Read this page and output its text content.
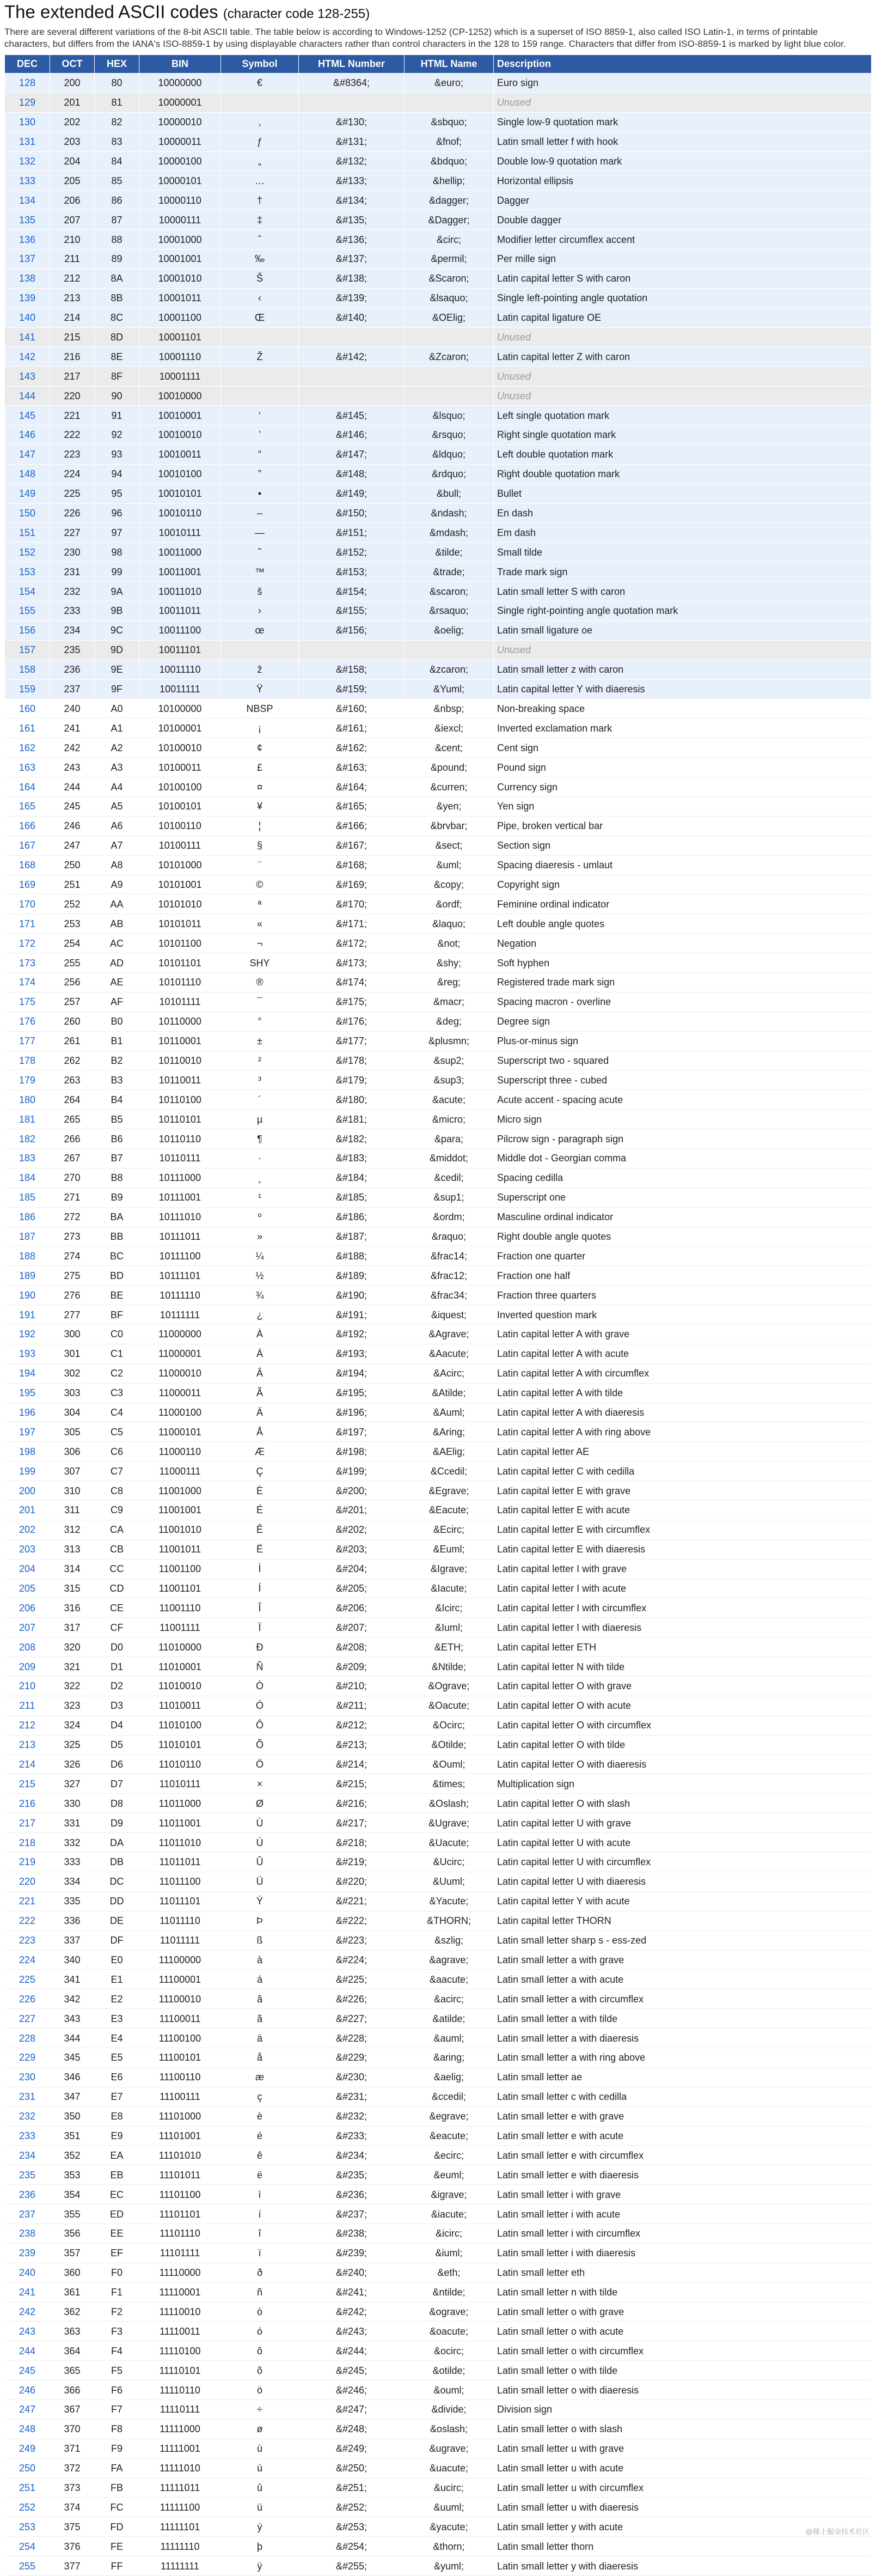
The extended ASCII codes (character code 128-255)

There are several different variations of the 8-bit ASCII table. The table below is according to Windows-1252 (CP-1252) which is a superset of ISO 8859-1, also called ISO Latin-1, in terms of printable characters, but differs from the IANA's ISO-8859-1 by using displayable characters rather than control characters in the 128 to 159 range. Characters that differ from ISO-8859-1 is marked by light blue color.

DEC	OCT	HEX	BIN	Symbol	HTML Number	HTML Name	Description
128	200	80	10000000	€	&#8364;	&euro;	Euro sign
129	201	81	10000001				Unused
130	202	82	10000010	‚	&#130;	&sbquo;	Single low-9 quotation mark
131	203	83	10000011	ƒ	&#131;	&fnof;	Latin small letter f with hook
132	204	84	10000100	„	&#132;	&bdquo;	Double low-9 quotation mark
133	205	85	10000101	…	&#133;	&hellip;	Horizontal ellipsis
134	206	86	10000110	†	&#134;	&dagger;	Dagger
135	207	87	10000111	‡	&#135;	&Dagger;	Double dagger
136	210	88	10001000	ˆ	&#136;	&circ;	Modifier letter circumflex accent
137	211	89	10001001	‰	&#137;	&permil;	Per mille sign
138	212	8A	10001010	Š	&#138;	&Scaron;	Latin capital letter S with caron
139	213	8B	10001011	‹	&#139;	&lsaquo;	Single left-pointing angle quotation
140	214	8C	10001100	Œ	&#140;	&OElig;	Latin capital ligature OE
141	215	8D	10001101				Unused
142	216	8E	10001110	Ž	&#142;	&Zcaron;	Latin capital letter Z with caron
143	217	8F	10001111				Unused
144	220	90	10010000				Unused
145	221	91	10010001	‘	&#145;	&lsquo;	Left single quotation mark
146	222	92	10010010	’	&#146;	&rsquo;	Right single quotation mark
147	223	93	10010011	“	&#147;	&ldquo;	Left double quotation mark
148	224	94	10010100	”	&#148;	&rdquo;	Right double quotation mark
149	225	95	10010101	•	&#149;	&bull;	Bullet
150	226	96	10010110	–	&#150;	&ndash;	En dash
151	227	97	10010111	—	&#151;	&mdash;	Em dash
152	230	98	10011000	˜	&#152;	&tilde;	Small tilde
153	231	99	10011001	™	&#153;	&trade;	Trade mark sign
154	232	9A	10011010	š	&#154;	&scaron;	Latin small letter S with caron
155	233	9B	10011011	›	&#155;	&rsaquo;	Single right-pointing angle quotation mark
156	234	9C	10011100	œ	&#156;	&oelig;	Latin small ligature oe
157	235	9D	10011101				Unused
158	236	9E	10011110	ž	&#158;	&zcaron;	Latin small letter z with caron
159	237	9F	10011111	Ÿ	&#159;	&Yuml;	Latin capital letter Y with diaeresis
160	240	A0	10100000	NBSP	&#160;	&nbsp;	Non-breaking space
161	241	A1	10100001	¡	&#161;	&iexcl;	Inverted exclamation mark
162	242	A2	10100010	¢	&#162;	&cent;	Cent sign
163	243	A3	10100011	£	&#163;	&pound;	Pound sign
164	244	A4	10100100	¤	&#164;	&curren;	Currency sign
165	245	A5	10100101	¥	&#165;	&yen;	Yen sign
166	246	A6	10100110	¦	&#166;	&brvbar;	Pipe, broken vertical bar
167	247	A7	10100111	§	&#167;	&sect;	Section sign
168	250	A8	10101000	¨	&#168;	&uml;	Spacing diaeresis - umlaut
169	251	A9	10101001	©	&#169;	&copy;	Copyright sign
170	252	AA	10101010	ª	&#170;	&ordf;	Feminine ordinal indicator
171	253	AB	10101011	«	&#171;	&laquo;	Left double angle quotes
172	254	AC	10101100	¬	&#172;	&not;	Negation
173	255	AD	10101101	SHY	&#173;	&shy;	Soft hyphen
174	256	AE	10101110	®	&#174;	&reg;	Registered trade mark sign
175	257	AF	10101111	¯	&#175;	&macr;	Spacing macron - overline
176	260	B0	10110000	°	&#176;	&deg;	Degree sign
177	261	B1	10110001	±	&#177;	&plusmn;	Plus-or-minus sign
178	262	B2	10110010	²	&#178;	&sup2;	Superscript two - squared
179	263	B3	10110011	³	&#179;	&sup3;	Superscript three - cubed
180	264	B4	10110100	´	&#180;	&acute;	Acute accent - spacing acute
181	265	B5	10110101	µ	&#181;	&micro;	Micro sign
182	266	B6	10110110	¶	&#182;	&para;	Pilcrow sign - paragraph sign
183	267	B7	10110111	·	&#183;	&middot;	Middle dot - Georgian comma
184	270	B8	10111000	¸	&#184;	&cedil;	Spacing cedilla
185	271	B9	10111001	¹	&#185;	&sup1;	Superscript one
186	272	BA	10111010	º	&#186;	&ordm;	Masculine ordinal indicator
187	273	BB	10111011	»	&#187;	&raquo;	Right double angle quotes
188	274	BC	10111100	¼	&#188;	&frac14;	Fraction one quarter
189	275	BD	10111101	½	&#189;	&frac12;	Fraction one half
190	276	BE	10111110	¾	&#190;	&frac34;	Fraction three quarters
191	277	BF	10111111	¿	&#191;	&iquest;	Inverted question mark
192	300	C0	11000000	À	&#192;	&Agrave;	Latin capital letter A with grave
193	301	C1	11000001	Á	&#193;	&Aacute;	Latin capital letter A with acute
194	302	C2	11000010	Â	&#194;	&Acirc;	Latin capital letter A with circumflex
195	303	C3	11000011	Ã	&#195;	&Atilde;	Latin capital letter A with tilde
196	304	C4	11000100	Ä	&#196;	&Auml;	Latin capital letter A with diaeresis
197	305	C5	11000101	Å	&#197;	&Aring;	Latin capital letter A with ring above
198	306	C6	11000110	Æ	&#198;	&AElig;	Latin capital letter AE
199	307	C7	11000111	Ç	&#199;	&Ccedil;	Latin capital letter C with cedilla
200	310	C8	11001000	È	&#200;	&Egrave;	Latin capital letter E with grave
201	311	C9	11001001	É	&#201;	&Eacute;	Latin capital letter E with acute
202	312	CA	11001010	Ê	&#202;	&Ecirc;	Latin capital letter E with circumflex
203	313	CB	11001011	Ë	&#203;	&Euml;	Latin capital letter E with diaeresis
204	314	CC	11001100	Ì	&#204;	&Igrave;	Latin capital letter I with grave
205	315	CD	11001101	Í	&#205;	&Iacute;	Latin capital letter I with acute
206	316	CE	11001110	Î	&#206;	&Icirc;	Latin capital letter I with circumflex
207	317	CF	11001111	Ï	&#207;	&Iuml;	Latin capital letter I with diaeresis
208	320	D0	11010000	Ð	&#208;	&ETH;	Latin capital letter ETH
209	321	D1	11010001	Ñ	&#209;	&Ntilde;	Latin capital letter N with tilde
210	322	D2	11010010	Ò	&#210;	&Ograve;	Latin capital letter O with grave
211	323	D3	11010011	Ó	&#211;	&Oacute;	Latin capital letter O with acute
212	324	D4	11010100	Ô	&#212;	&Ocirc;	Latin capital letter O with circumflex
213	325	D5	11010101	Õ	&#213;	&Otilde;	Latin capital letter O with tilde
214	326	D6	11010110	Ö	&#214;	&Ouml;	Latin capital letter O with diaeresis
215	327	D7	11010111	×	&#215;	&times;	Multiplication sign
216	330	D8	11011000	Ø	&#216;	&Oslash;	Latin capital letter O with slash
217	331	D9	11011001	Ù	&#217;	&Ugrave;	Latin capital letter U with grave
218	332	DA	11011010	Ú	&#218;	&Uacute;	Latin capital letter U with acute
219	333	DB	11011011	Û	&#219;	&Ucirc;	Latin capital letter U with circumflex
220	334	DC	11011100	Ü	&#220;	&Uuml;	Latin capital letter U with diaeresis
221	335	DD	11011101	Ý	&#221;	&Yacute;	Latin capital letter Y with acute
222	336	DE	11011110	Þ	&#222;	&THORN;	Latin capital letter THORN
223	337	DF	11011111	ß	&#223;	&szlig;	Latin small letter sharp s - ess-zed
224	340	E0	11100000	à	&#224;	&agrave;	Latin small letter a with grave
225	341	E1	11100001	á	&#225;	&aacute;	Latin small letter a with acute
226	342	E2	11100010	â	&#226;	&acirc;	Latin small letter a with circumflex
227	343	E3	11100011	ã	&#227;	&atilde;	Latin small letter a with tilde
228	344	E4	11100100	ä	&#228;	&auml;	Latin small letter a with diaeresis
229	345	E5	11100101	å	&#229;	&aring;	Latin small letter a with ring above
230	346	E6	11100110	æ	&#230;	&aelig;	Latin small letter ae
231	347	E7	11100111	ç	&#231;	&ccedil;	Latin small letter c with cedilla
232	350	E8	11101000	è	&#232;	&egrave;	Latin small letter e with grave
233	351	E9	11101001	é	&#233;	&eacute;	Latin small letter e with acute
234	352	EA	11101010	ê	&#234;	&ecirc;	Latin small letter e with circumflex
235	353	EB	11101011	ë	&#235;	&euml;	Latin small letter e with diaeresis
236	354	EC	11101100	ì	&#236;	&igrave;	Latin small letter i with grave
237	355	ED	11101101	í	&#237;	&iacute;	Latin small letter i with acute
238	356	EE	11101110	î	&#238;	&icirc;	Latin small letter i with circumflex
239	357	EF	11101111	ï	&#239;	&iuml;	Latin small letter i with diaeresis
240	360	F0	11110000	ð	&#240;	&eth;	Latin small letter eth
241	361	F1	11110001	ñ	&#241;	&ntilde;	Latin small letter n with tilde
242	362	F2	11110010	ò	&#242;	&ograve;	Latin small letter o with grave
243	363	F3	11110011	ó	&#243;	&oacute;	Latin small letter o with acute
244	364	F4	11110100	ô	&#244;	&ocirc;	Latin small letter o with circumflex
245	365	F5	11110101	õ	&#245;	&otilde;	Latin small letter o with tilde
246	366	F6	11110110	ö	&#246;	&ouml;	Latin small letter o with diaeresis
247	367	F7	11110111	÷	&#247;	&divide;	Division sign
248	370	F8	11111000	ø	&#248;	&oslash;	Latin small letter o with slash
249	371	F9	11111001	ù	&#249;	&ugrave;	Latin small letter u with grave
250	372	FA	11111010	ú	&#250;	&uacute;	Latin small letter u with acute
251	373	FB	11111011	û	&#251;	&ucirc;	Latin small letter u with circumflex
252	374	FC	11111100	ü	&#252;	&uuml;	Latin small letter u with diaeresis
253	375	FD	11111101	ý	&#253;	&yacute;	Latin small letter y with acute
254	376	FE	11111110	þ	&#254;	&thorn;	Latin small letter thorn
255	377	FF	11111111	ÿ	&#255;	&yuml;	Latin small letter y with diaeresis	@稀土掘金技术社区
